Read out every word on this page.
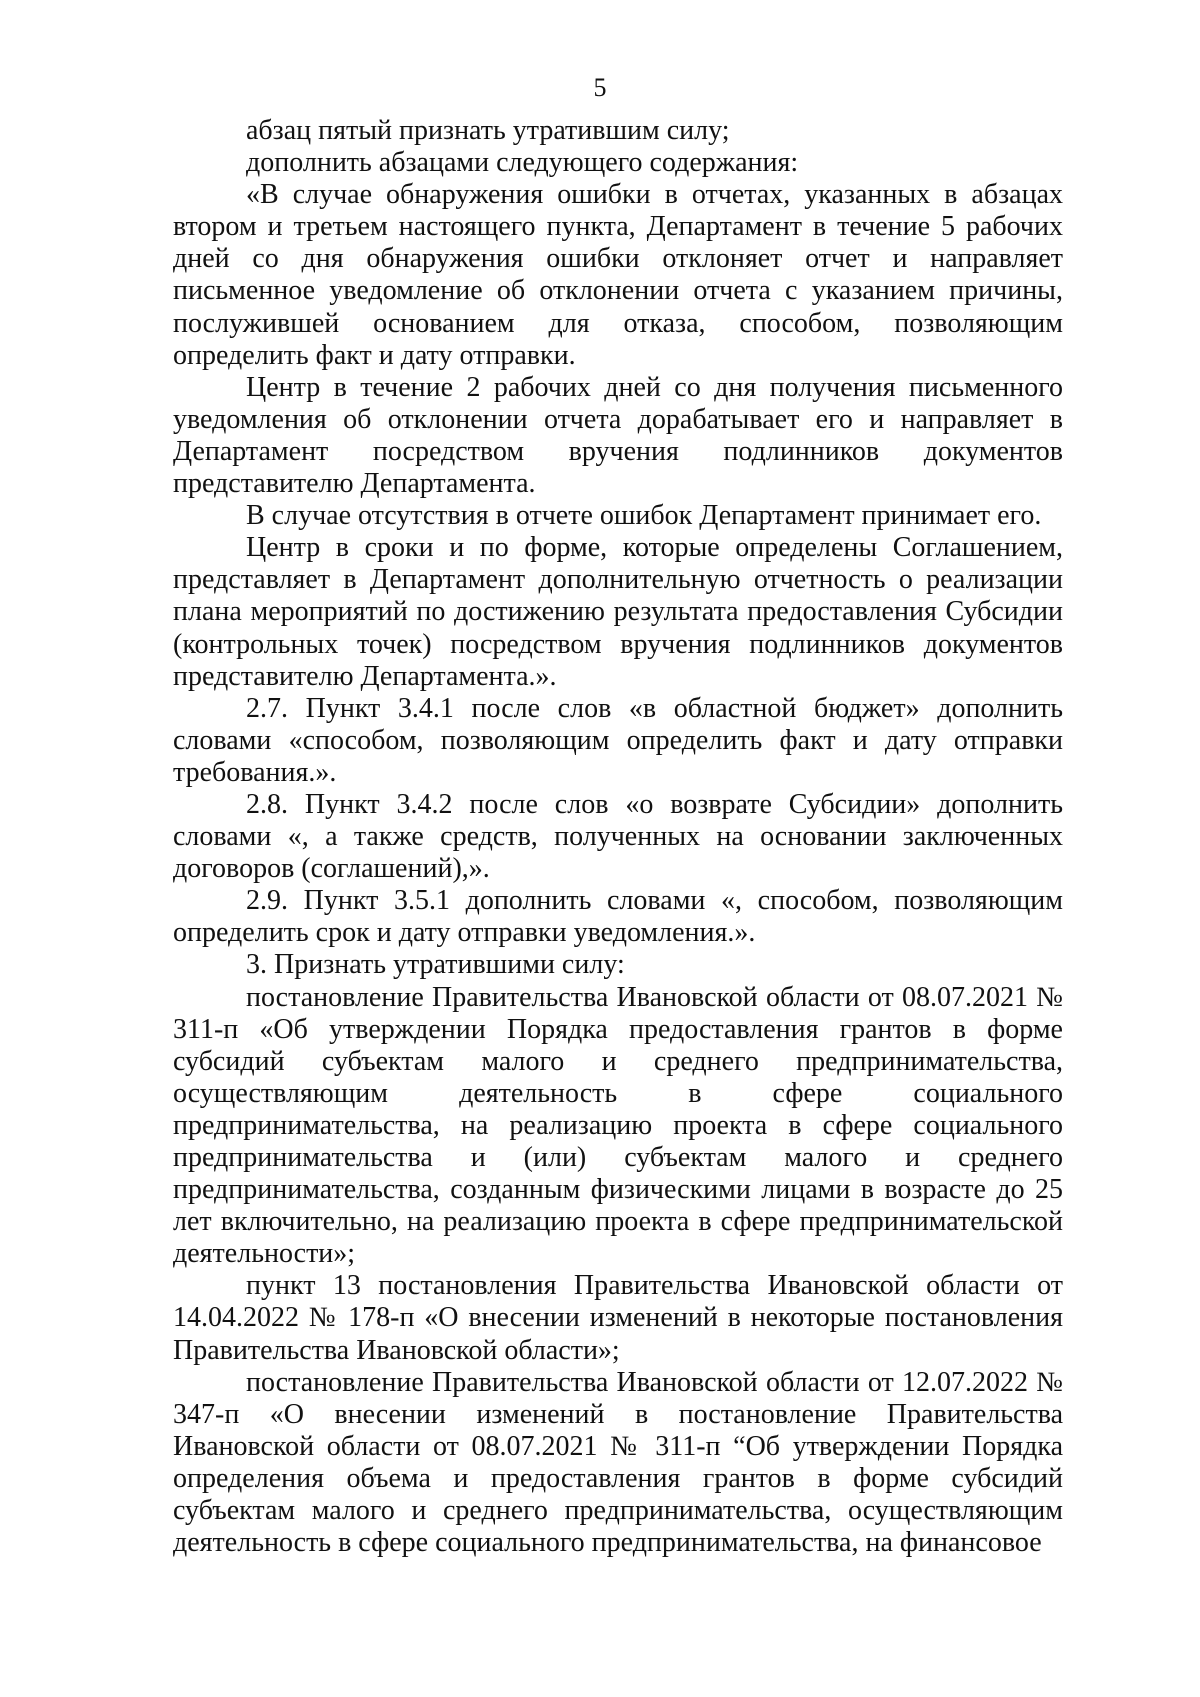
5

абзац пятый признать утратившим силу;

дополнить абзацами следующего содержания:

«В случае обнаружения ошибки в отчетах, указанных в абзацах втором и третьем настоящего пункта, Департамент в течение 5 рабочих дней со дня обнаружения ошибки отклоняет отчет и направляет письменное уведомление об отклонении отчета с указанием причины, послужившей основанием для отказа, способом, позволяющим определить факт и дату отправки.

Центр в течение 2 рабочих дней со дня получения письменного уведомления об отклонении отчета дорабатывает его и направляет в Департамент посредством вручения подлинников документов представителю Департамента.

В случае отсутствия в отчете ошибок Департамент принимает его.

Центр в сроки и по форме, которые определены Соглашением, представляет в Департамент дополнительную отчетность о реализации плана мероприятий по достижению результата предоставления Субсидии (контрольных точек) посредством вручения подлинников документов представителю Департамента.».

2.7. Пункт 3.4.1 после слов «в областной бюджет» дополнить словами «способом, позволяющим определить факт и дату отправки требования.».

2.8. Пункт 3.4.2 после слов «о возврате Субсидии» дополнить словами «, а также средств, полученных на основании заключенных договоров (соглашений),».

2.9. Пункт 3.5.1 дополнить словами «, способом, позволяющим определить срок и дату отправки уведомления.».

3. Признать утратившими силу:

постановление Правительства Ивановской области от 08.07.2021 № 311-п «Об утверждении Порядка предоставления грантов в форме субсидий субъектам малого и среднего предпринимательства, осуществляющим деятельность в сфере социального предпринимательства, на реализацию проекта в сфере социального предпринимательства и (или) субъектам малого и среднего предпринимательства, созданным физическими лицами в возрасте до 25 лет включительно, на реализацию проекта в сфере предпринимательской деятельности»;

пункт 13 постановления Правительства Ивановской области от 14.04.2022 № 178-п «О внесении изменений в некоторые постановления Правительства Ивановской области»;

постановление Правительства Ивановской области от 12.07.2022 № 347-п «О внесении изменений в постановление Правительства Ивановской области от 08.07.2021 № 311-п “Об утверждении Порядка определения объема и предоставления грантов в форме субсидий субъектам малого и среднего предпринимательства, осуществляющим деятельность в сфере социального предпринимательства, на финансовое
